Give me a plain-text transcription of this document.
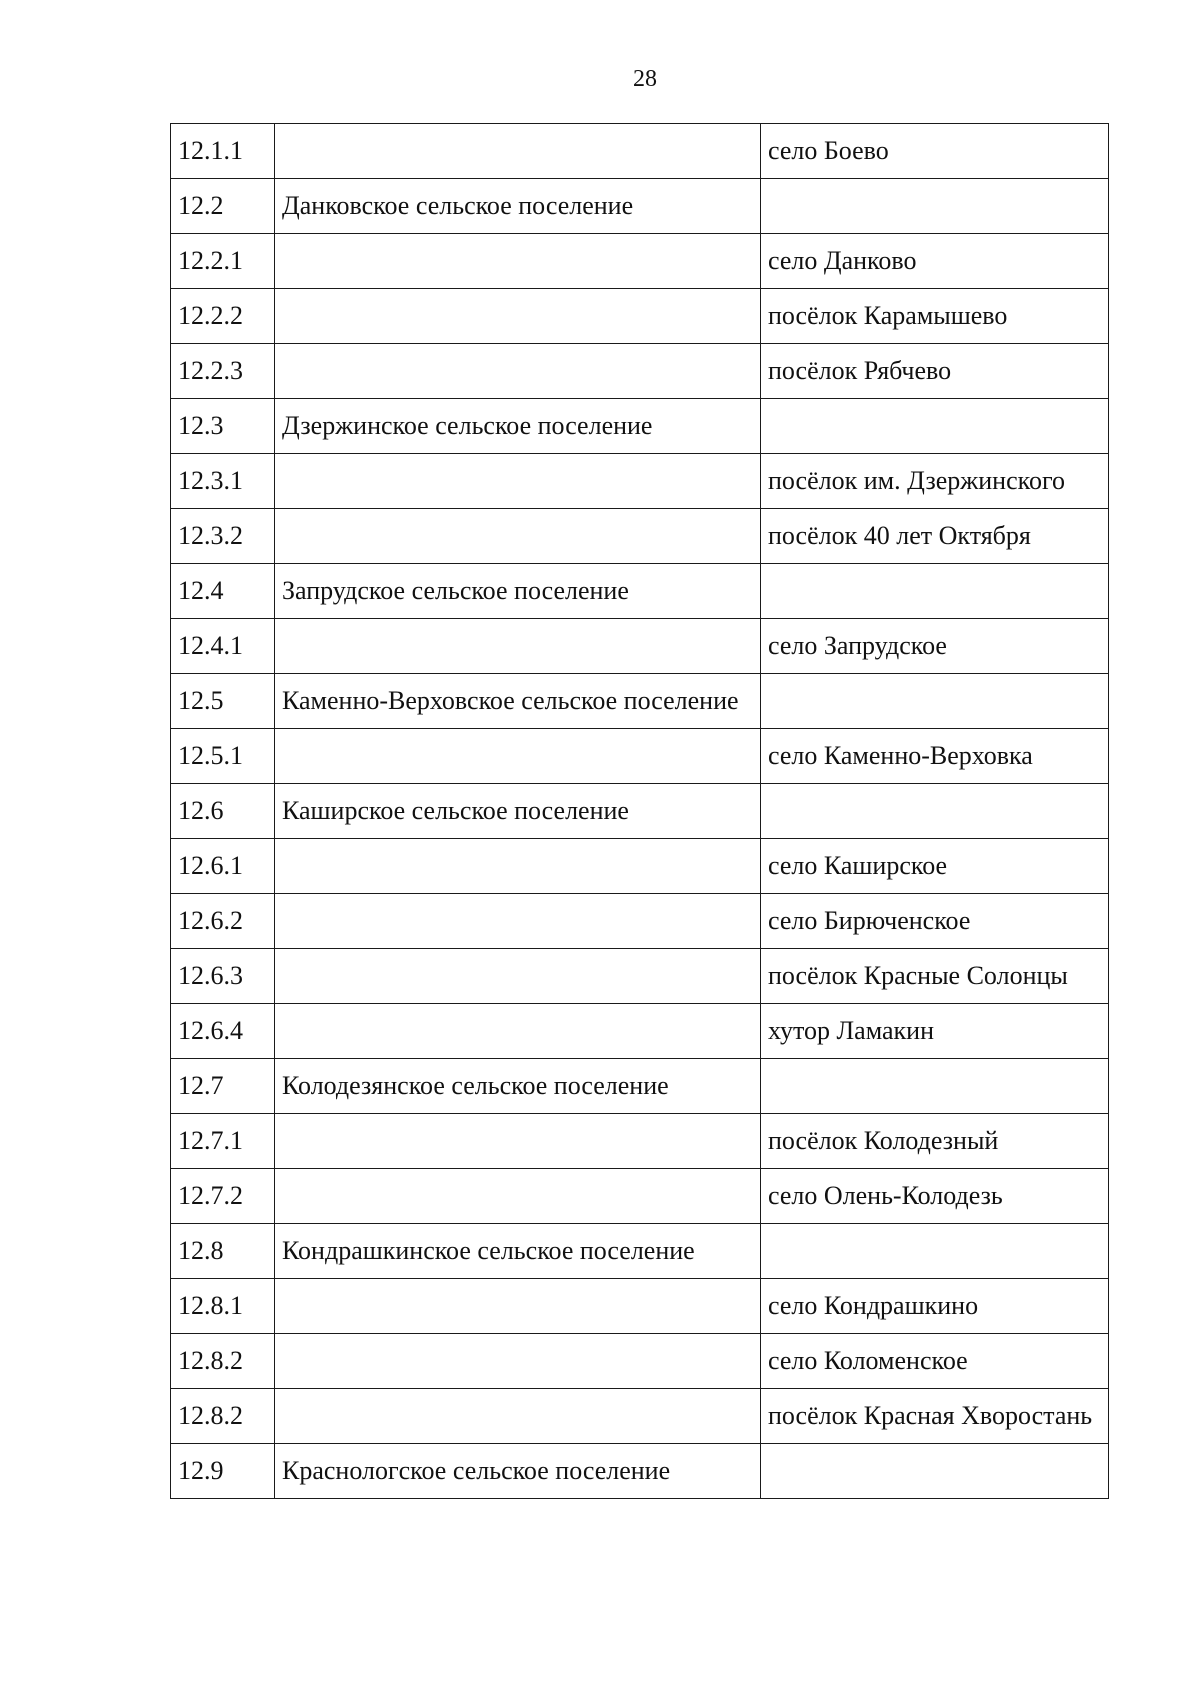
28
12.1.1		село Боево
12.2	Данковское сельское поселение	
12.2.1		село Данково
12.2.2		посёлок Карамышево
12.2.3		посёлок Рябчево
12.3	Дзержинское сельское поселение	
12.3.1		посёлок им. Дзержинского
12.3.2		посёлок 40 лет Октября
12.4	Запрудское сельское поселение	
12.4.1		село Запрудское
12.5	Каменно-Верховское сельское поселение	
12.5.1		село Каменно-Верховка
12.6	Каширское сельское поселение	
12.6.1		село Каширское
12.6.2		село Бирюченское
12.6.3		посёлок Красные Солонцы
12.6.4		хутор Ламакин
12.7	Колодезянское сельское поселение	
12.7.1		посёлок Колодезный
12.7.2		село Олень-Колодезь
12.8	Кондрашкинское сельское поселение	
12.8.1		село Кондрашкино
12.8.2		село Коломенское
12.8.2		посёлок Красная Хворостань
12.9	Краснологское сельское поселение	
